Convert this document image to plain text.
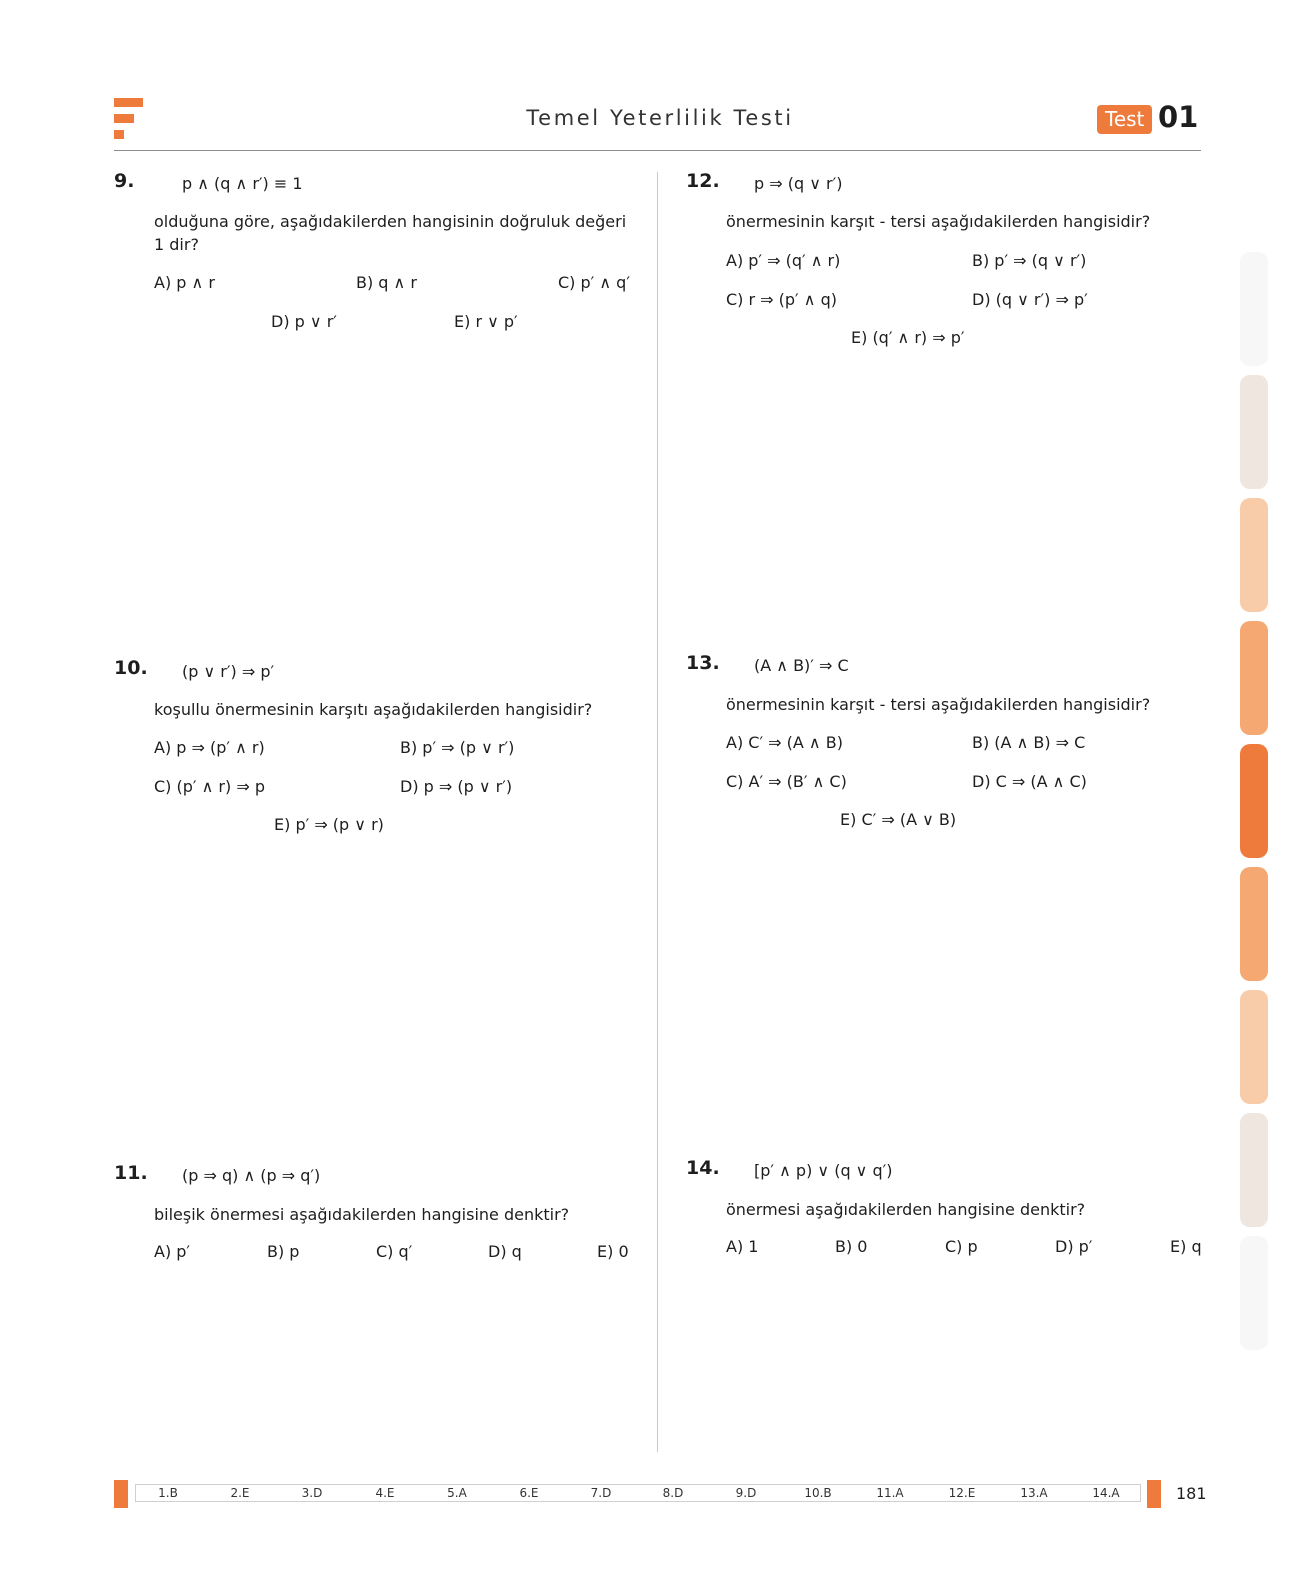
Temel Yeterlilik Testi	Test 01
9.	p ∧ (q ∧ r′) ≡ 1
olduğuna göre, aşağıdakilerden hangisinin doğruluk değeri 1 dir?
A) p ∧ r	B) q ∧ r	C) p′ ∧ q′
D) p ∨ r′	E) r ∨ p′
10. (p ∨ r′) ⇒ p′
koşullu önermesinin karşıtı aşağıdakilerden hangisidir?
A) p ⇒ (p′ ∧ r)	B) p′ ⇒ (p ∨ r′)
C) (p′ ∧ r) ⇒ p	D) p ⇒ (p ∨ r′)
E) p′ ⇒ (p ∨ r)
11. (p ⇒ q) ∧ (p ⇒ q′)
bileşik önermesi aşağıdakilerden hangisine denktir?
A) p′	B) p	C) q′	D) q	E) 0
12. p ⇒ (q ∨ r′)
önermesinin karşıt - tersi aşağıdakilerden hangisidir?
A) p′ ⇒ (q′ ∧ r)	B) p′ ⇒ (q ∨ r′)
C) r ⇒ (p′ ∧ q)	D) (q ∨ r′) ⇒ p′
E) (q′ ∧ r) ⇒ p′
13. (A ∧ B)′ ⇒ C
önermesinin karşıt - tersi aşağıdakilerden hangisidir?
A) C′ ⇒ (A ∧ B)	B) (A ∧ B) ⇒ C
C) A′ ⇒ (B′ ∧ C)	D) C ⇒ (A ∧ C)
E) C′ ⇒ (A ∨ B)
14. [p′ ∧ p) ∨ (q ∨ q′)
önermesi aşağıdakilerden hangisine denktir?
A) 1	B) 0	C) p	D) p′	E) q
1.B	2.E	3.D	4.E	5.A	6.E	7.D	8.D	9.D	10.B	11.A	12.E	13.A	14.A	181
